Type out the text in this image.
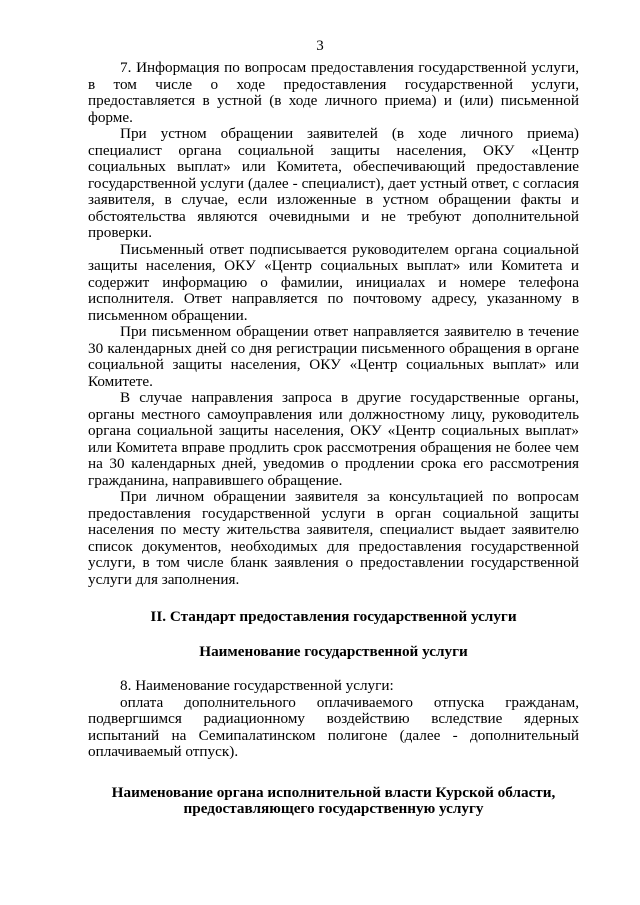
3

7. Информация по вопросам предоставления государственной услуги, в том числе о ходе предоставления государственной услуги, предоставляется в устной (в ходе личного приема) и (или) письменной форме.

При устном обращении заявителей (в ходе личного приема) специалист органа социальной защиты населения, ОКУ «Центр социальных выплат» или Комитета, обеспечивающий предоставление государственной услуги (далее - специалист), дает устный ответ, с согласия заявителя, в случае, если изложенные в устном обращении факты и обстоятельства являются очевидными и не требуют дополнительной проверки.

Письменный ответ подписывается руководителем органа социальной защиты населения, ОКУ «Центр социальных выплат» или Комитета и содержит информацию о фамилии, инициалах и номере телефона исполнителя. Ответ направляется по почтовому адресу, указанному в письменном обращении.

При письменном обращении ответ направляется заявителю в течение 30 календарных дней со дня регистрации письменного обращения в органе социальной защиты населения, ОКУ «Центр социальных выплат» или Комитете.

В случае направления запроса в другие государственные органы, органы местного самоуправления или должностному лицу, руководитель органа социальной защиты населения, ОКУ «Центр социальных выплат» или Комитета вправе продлить срок рассмотрения обращения не более чем на 30 календарных дней, уведомив о продлении срока его рассмотрения гражданина, направившего обращение.

При личном обращении заявителя за консультацией по вопросам предоставления государственной услуги в орган социальной защиты населения по месту жительства заявителя, специалист выдает заявителю список документов, необходимых для предоставления государственной услуги, в том числе бланк заявления о предоставлении государственной услуги для заполнения.

II. Стандарт предоставления государственной услуги

Наименование государственной услуги

8. Наименование государственной услуги:

оплата дополнительного оплачиваемого отпуска гражданам, подвергшимся радиационному воздействию вследствие ядерных испытаний на Семипалатинском полигоне (далее - дополнительный оплачиваемый отпуск).

Наименование органа исполнительной власти Курской области,
предоставляющего государственную услугу
